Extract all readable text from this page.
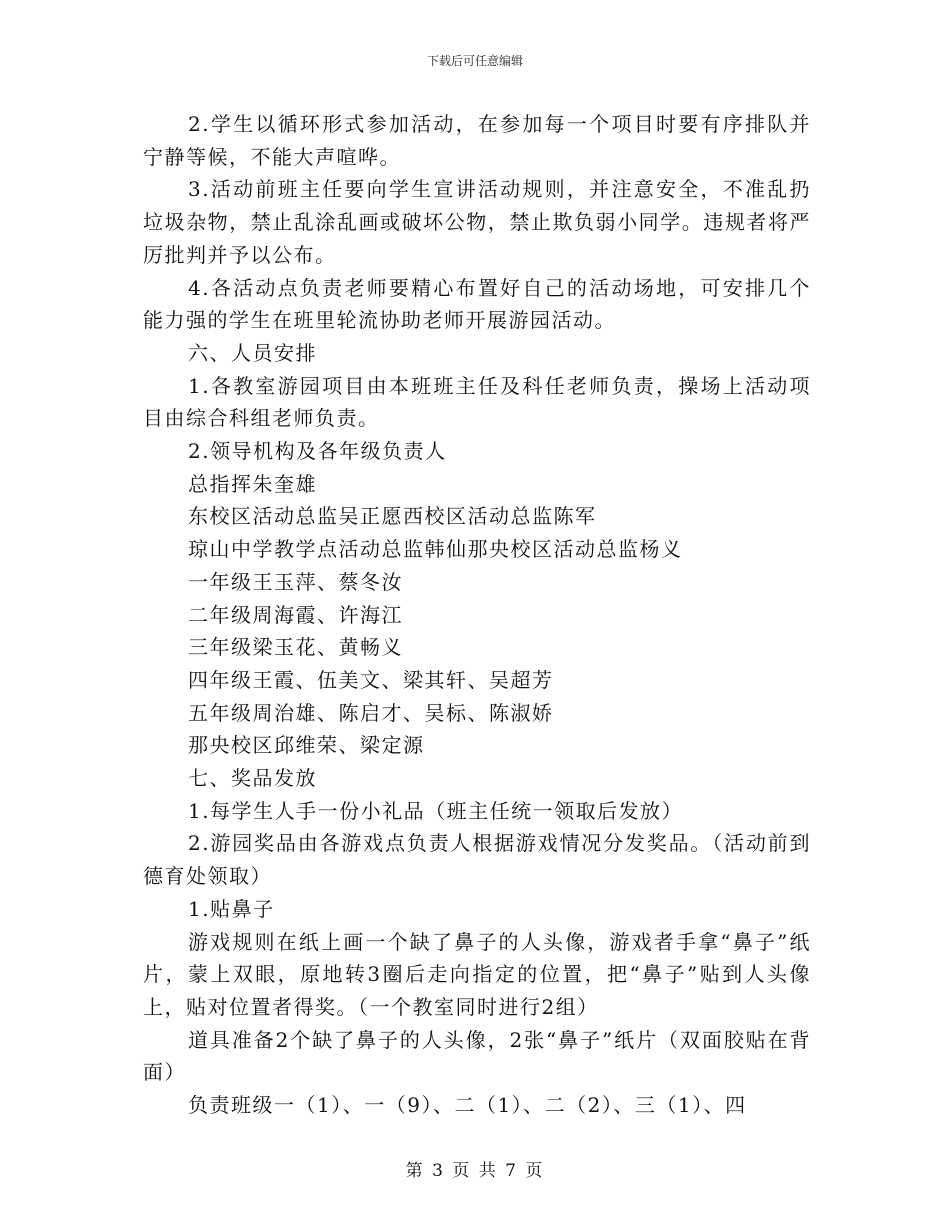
下载后可任意编辑

2.学生以循环形式参加活动，在参加每一个项目时要有序排队并宁静等候，不能大声喧哗。

3.活动前班主任要向学生宣讲活动规则，并注意安全，不准乱扔垃圾杂物，禁止乱涂乱画或破坏公物，禁止欺负弱小同学。违规者将严厉批判并予以公布。

4.各活动点负责老师要精心布置好自己的活动场地，可安排几个能力强的学生在班里轮流协助老师开展游园活动。

六、人员安排

1.各教室游园项目由本班班主任及科任老师负责，操场上活动项目由综合科组老师负责。

2.领导机构及各年级负责人

总指挥朱奎雄

东校区活动总监吴正愿西校区活动总监陈军

琼山中学教学点活动总监韩仙那央校区活动总监杨义

一年级王玉萍、蔡冬汝

二年级周海霞、许海江

三年级梁玉花、黄畅义

四年级王霞、伍美文、梁其轩、吴超芳

五年级周治雄、陈启才、吴标、陈淑娇

那央校区邱维荣、梁定源

七、奖品发放

1.每学生人手一份小礼品（班主任统一领取后发放）

2.游园奖品由各游戏点负责人根据游戏情况分发奖品。（活动前到德育处领取）

1.贴鼻子

游戏规则在纸上画一个缺了鼻子的人头像，游戏者手拿“鼻子”纸片，蒙上双眼，原地转3圈后走向指定的位置，把“鼻子”贴到人头像上，贴对位置者得奖。（一个教室同时进行2组）

道具准备2个缺了鼻子的人头像，2张“鼻子”纸片（双面胶贴在背面）

负责班级一（1）、一（9）、二（1）、二（2）、三（1）、四

第 3 页 共 7 页
